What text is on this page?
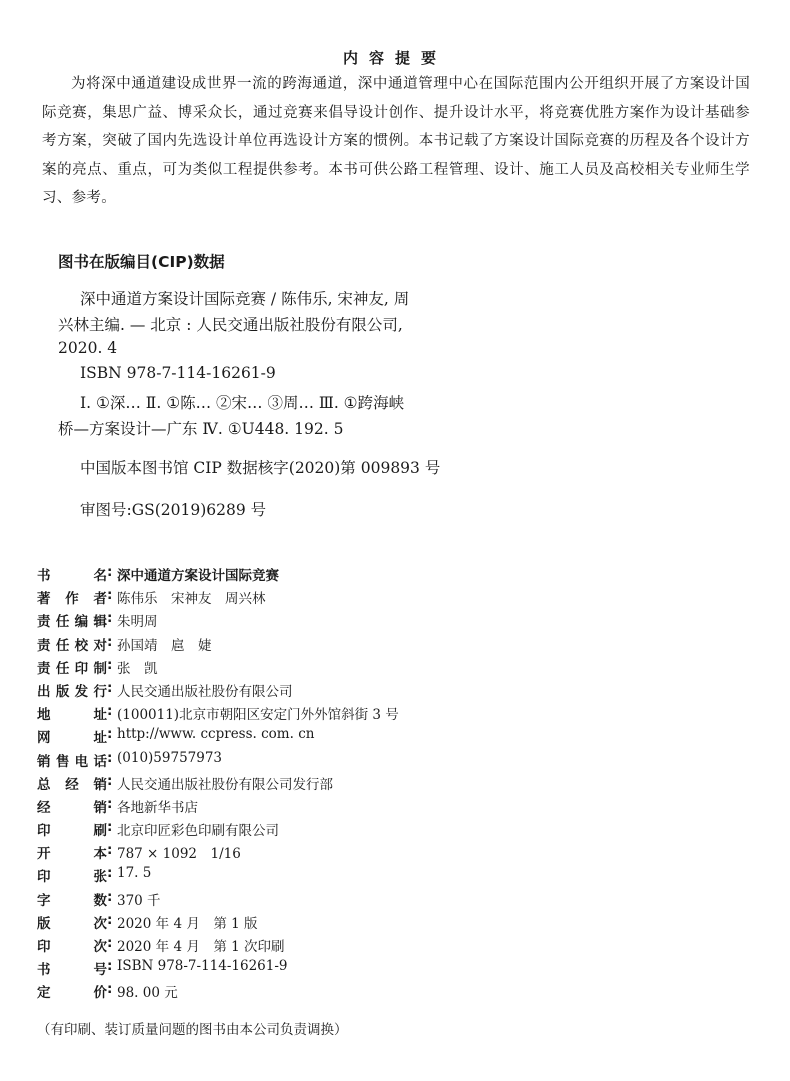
内容提要
为将深中通道建设成世界一流的跨海通道，深中通道管理中心在国际范围内公开组织开展了方案设计国际竞赛，集思广益、博采众长，通过竞赛来倡导设计创作、提升设计水平，将竞赛优胜方案作为设计基础参考方案，突破了国内先选设计单位再选设计方案的惯例。本书记载了方案设计国际竞赛的历程及各个设计方案的亮点、重点，可为类似工程提供参考。本书可供公路工程管理、设计、施工人员及高校相关专业师生学习、参考。
图书在版编目(CIP)数据
深中通道方案设计国际竞赛 / 陈伟乐, 宋神友, 周
兴林主编. — 北京 : 人民交通出版社股份有限公司,
2020. 4
ISBN 978-7-114-16261-9
Ⅰ. ①深… Ⅱ. ①陈… ②宋… ③周… Ⅲ. ①跨海峡
桥—方案设计—广东 Ⅳ. ①U448. 192. 5
中国版本图书馆 CIP 数据核字(2020)第 009893 号
审图号:GS(2019)6289 号
书	名 : 深中通道方案设计国际竞赛
著 作 者 : 陈伟乐　宋神友　周兴林
责 任 编 辑 : 朱明周
责 任 校 对 : 孙国靖　扈　婕
责 任 印 制 : 张　凯
出 版 发 行 : 人民交通出版社股份有限公司
地	址 : (100011)北京市朝阳区安定门外外馆斜街 3 号
网	址 : http://www. ccpress. com. cn
销 售 电 话 : (010)59757973
总 经 销 : 人民交通出版社股份有限公司发行部
经	销 : 各地新华书店
印	刷 : 北京印匠彩色印刷有限公司
开	本 : 787 × 1092　1/16
印	张 : 17. 5
字	数 : 370 千
版	次 : 2020 年 4 月　第 1 版
印	次 : 2020 年 4 月　第 1 次印刷
书	号 : ISBN 978-7-114-16261-9
定	价 : 98. 00 元
（有印刷、装订质量问题的图书由本公司负责调换）
